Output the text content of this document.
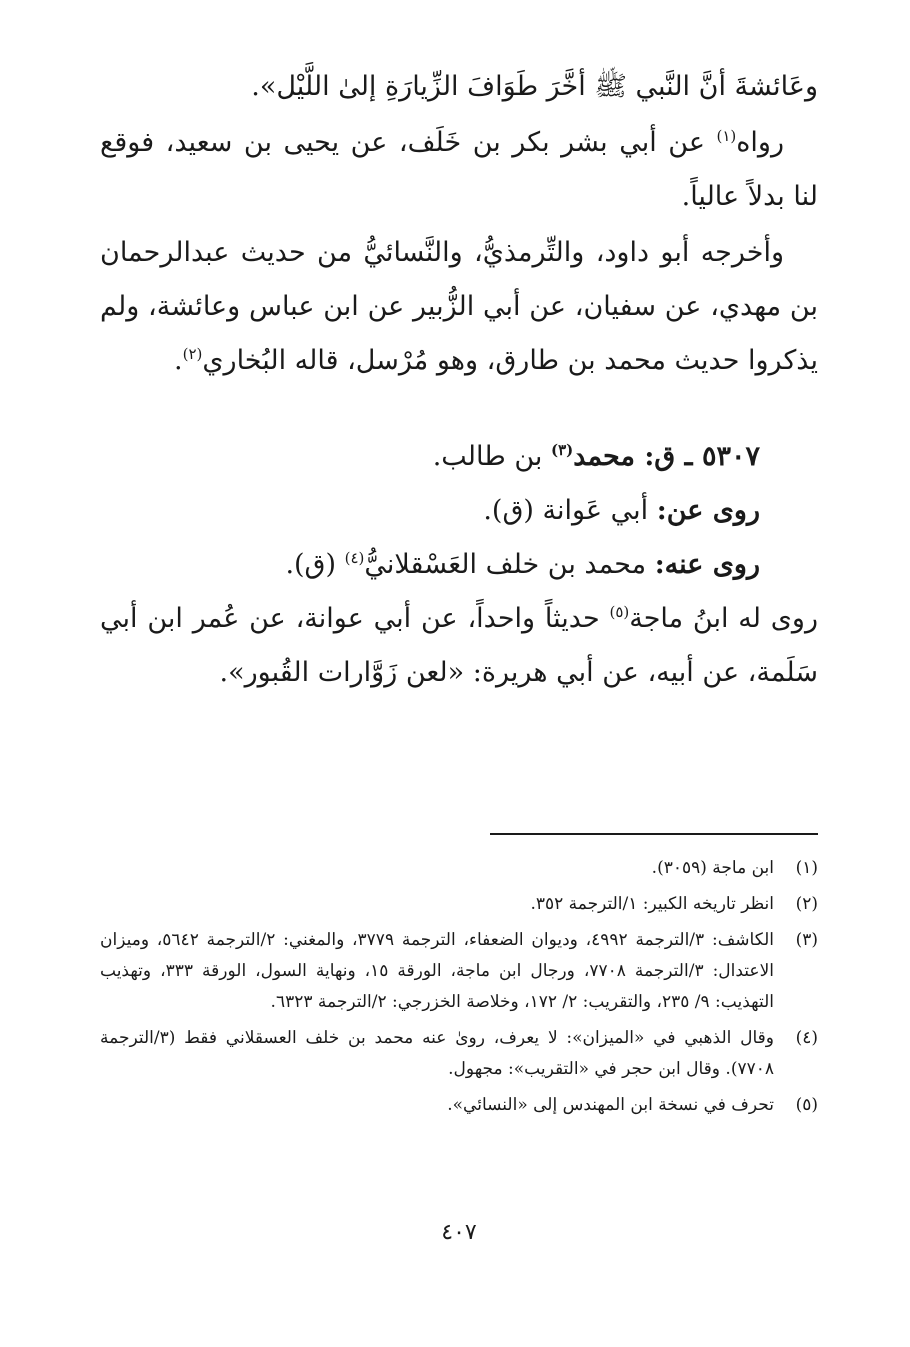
وعَائشةَ أنَّ النَّبي ﷺ أخَّرَ طَوَافَ الزِّيارَةِ إلىٰ اللَّيْل».

رواه$^{(١)}$ عن أبي بشر بكر بن خَلَف، عن يحيى بن سعيد، فوقع لنا بدلاً عالياً.

وأخرجه أبو داود، والتِّرمذيُّ، والنَّسائيُّ من حديث عبدالرحمان بن مهدي، عن سفيان، عن أبي الزُّبير عن ابن عباس وعائشة، ولم يذكروا حديث محمد بن طارق، وهو مُرْسل، قاله البُخاري$^{(٢)}$.

٥٣٠٧ ـ ق: محمد$^{(٣)}$ بن طالب.
روى عن: أبي عَوانة (ق).
روى عنه: محمد بن خلف العَسْقلانيُّ$^{(٤)}$ (ق).

روى له ابنُ ماجة$^{(٥)}$ حديثاً واحداً، عن أبي عوانة، عن عُمر ابن أبي سَلَمة، عن أبيه، عن أبي هريرة: «لعن زَوَّارات القُبور».

(١)
ابن ماجة (٣٠٥٩).
(٢)
انظر تاريخه الكبير: ١/الترجمة ٣٥٢.
(٣)
الكاشف: ٣/الترجمة ٤٩٩٢، وديوان الضعفاء، الترجمة ٣٧٧٩، والمغني: ٢/الترجمة ٥٦٤٢، وميزان الاعتدال: ٣/الترجمة ٧٧٠٨، ورجال ابن ماجة، الورقة ١٥، ونهاية السول، الورقة ٣٣٣، وتهذيب التهذيب: ٩/ ٢٣٥، والتقريب: ٢/ ١٧٢، وخلاصة الخزرجي: ٢/الترجمة ٦٣٢٣.
(٤)
وقال الذهبي في «الميزان»: لا يعرف، روىٰ عنه محمد بن خلف العسقلاني فقط (٣/الترجمة ٧٧٠٨). وقال ابن حجر في «التقريب»: مجهول.
(٥)
تحرف في نسخة ابن المهندس إلى «النسائي».
٤٠٧
